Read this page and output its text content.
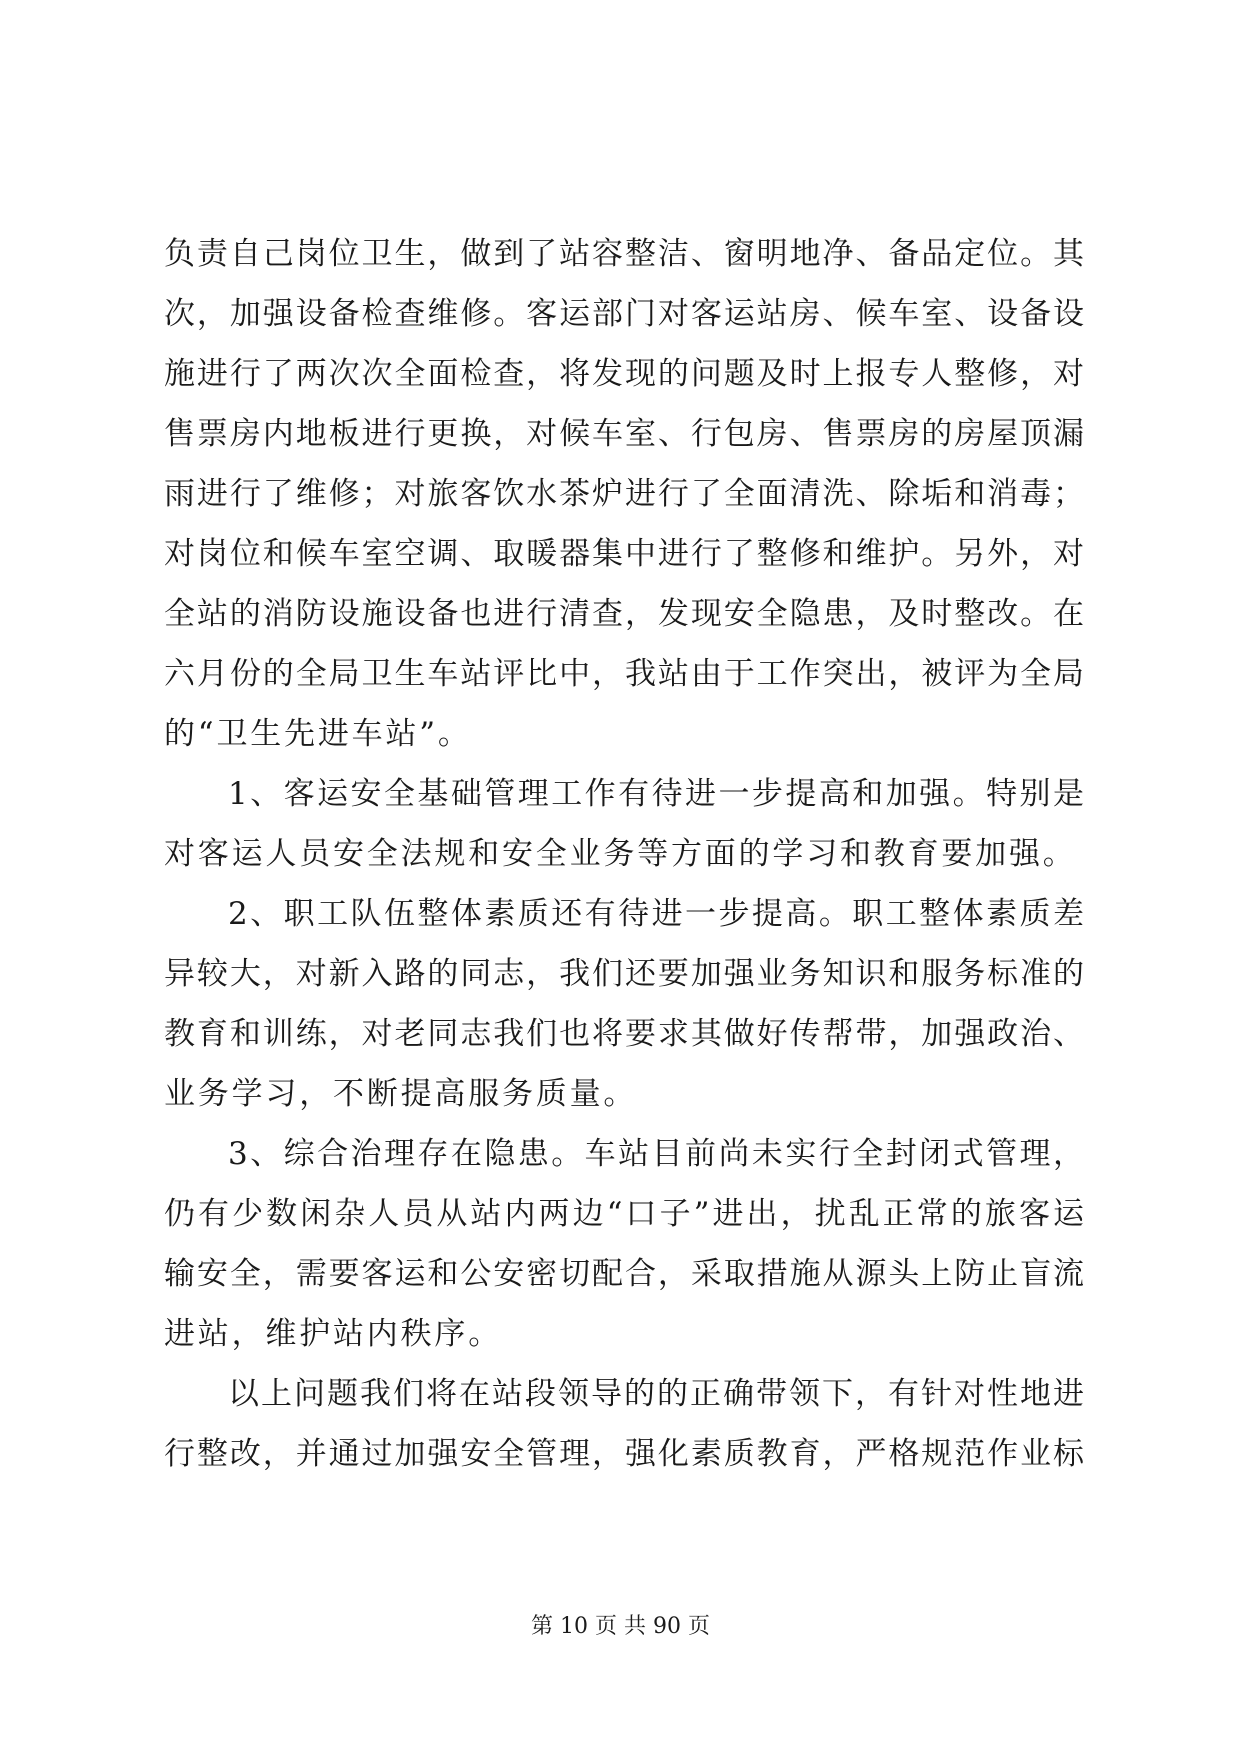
负责自己岗位卫生，做到了站容整洁、窗明地净、备品定位。其
次，加强设备检查维修。客运部门对客运站房、候车室、设备设
施进行了两次次全面检查，将发现的问题及时上报专人整修，对
售票房内地板进行更换，对候车室、行包房、售票房的房屋顶漏
雨进行了维修；对旅客饮水茶炉进行了全面清洗、除垢和消毒；
对岗位和候车室空调、取暖器集中进行了整修和维护。另外，对
全站的消防设施设备也进行清查，发现安全隐患，及时整改。在
六月份的全局卫生车站评比中，我站由于工作突出，被评为全局
的“卫生先进车站”。
1、客运安全基础管理工作有待进一步提高和加强。特别是
对客运人员安全法规和安全业务等方面的学习和教育要加强。
2、职工队伍整体素质还有待进一步提高。职工整体素质差
异较大，对新入路的同志，我们还要加强业务知识和服务标准的
教育和训练，对老同志我们也将要求其做好传帮带，加强政治、
业务学习，不断提高服务质量。
3、综合治理存在隐患。车站目前尚未实行全封闭式管理，
仍有少数闲杂人员从站内两边“口子”进出，扰乱正常的旅客运
输安全，需要客运和公安密切配合，采取措施从源头上防止盲流
进站，维护站内秩序。
以上问题我们将在站段领导的的正确带领下，有针对性地进
行整改，并通过加强安全管理，强化素质教育，严格规范作业标
第 10 页 共 90 页
